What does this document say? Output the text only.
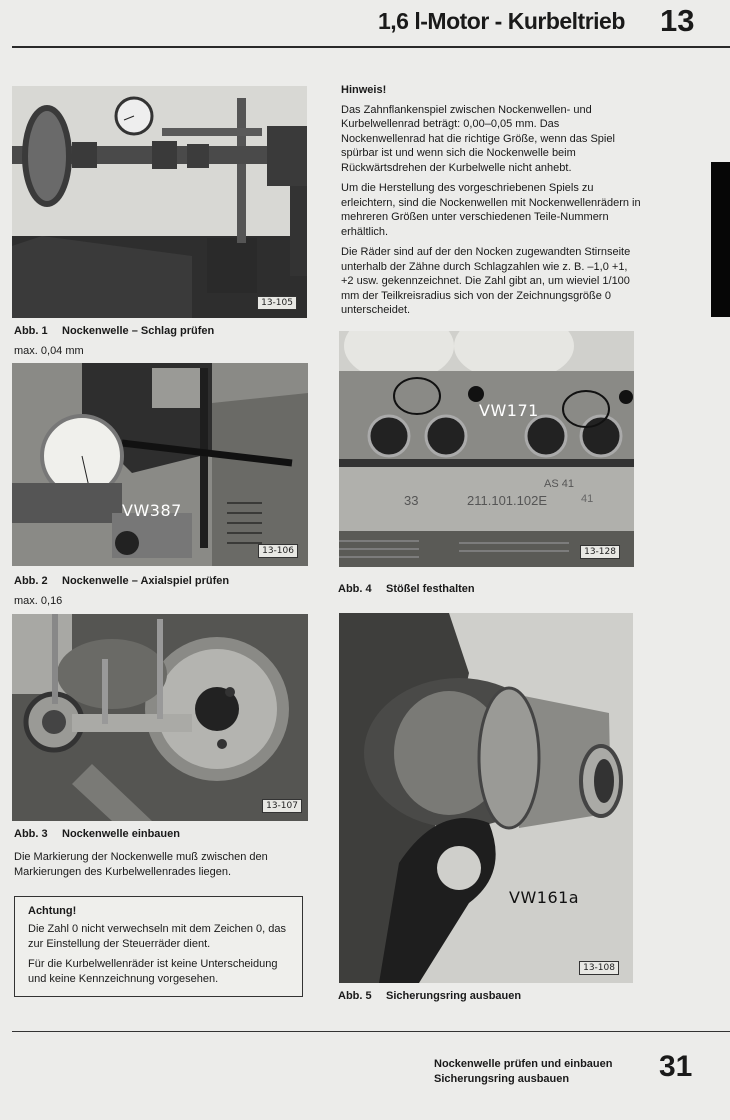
1,6 l-Motor - Kurbeltrieb 13
13-105
Abb. 1 Nockenwelle – Schlag prüfen
max. 0,04 mm
VW387
13-106
Abb. 2 Nockenwelle – Axialspiel prüfen
max. 0,16
13-107
Abb. 3 Nockenwelle einbauen
Die Markierung der Nockenwelle muß zwischen den Markierungen des Kurbelwellenrades liegen.
Achtung!

Die Zahl 0 nicht verwechseln mit dem Zeichen 0, das zur Einstellung der Steuerräder dient.

Für die Kurbelwellenräder ist keine Unterscheidung und keine Kennzeichnung vorgesehen.

Hinweis!

Das Zahnflankenspiel zwischen Nockenwellen- und Kurbelwellenrad beträgt: 0,00–0,05 mm. Das Nockenwellenrad hat die richtige Größe, wenn das Spiel spürbar ist und wenn sich die Nockenwelle beim Rückwärtsdrehen der Kurbelwelle nicht anhebt.

Um die Herstellung des vorgeschriebenen Spiels zu erleichtern, sind die Nockenwellen mit Nockenwellenrädern in mehreren Größen unter verschiedenen Teile-Nummern erhältlich.

Die Räder sind auf der den Nocken zugewandten Stirnseite unterhalb der Zähne durch Schlagzahlen wie z. B. –1,0 +1, +2 usw. gekennzeichnet. Die Zahl gibt an, um wieviel 1/100 mm der Teilkreisradius sich von der Zeichnungsgröße 0 unterscheidet.

VW171
AS 41
33	211.101.102E	41
13-128
Abb. 4 Stößel festhalten
VW161a
13-108
Abb. 5 Sicherungsring ausbauen
Nockenwelle prüfen und einbauen
Sicherungsring ausbauen	31
